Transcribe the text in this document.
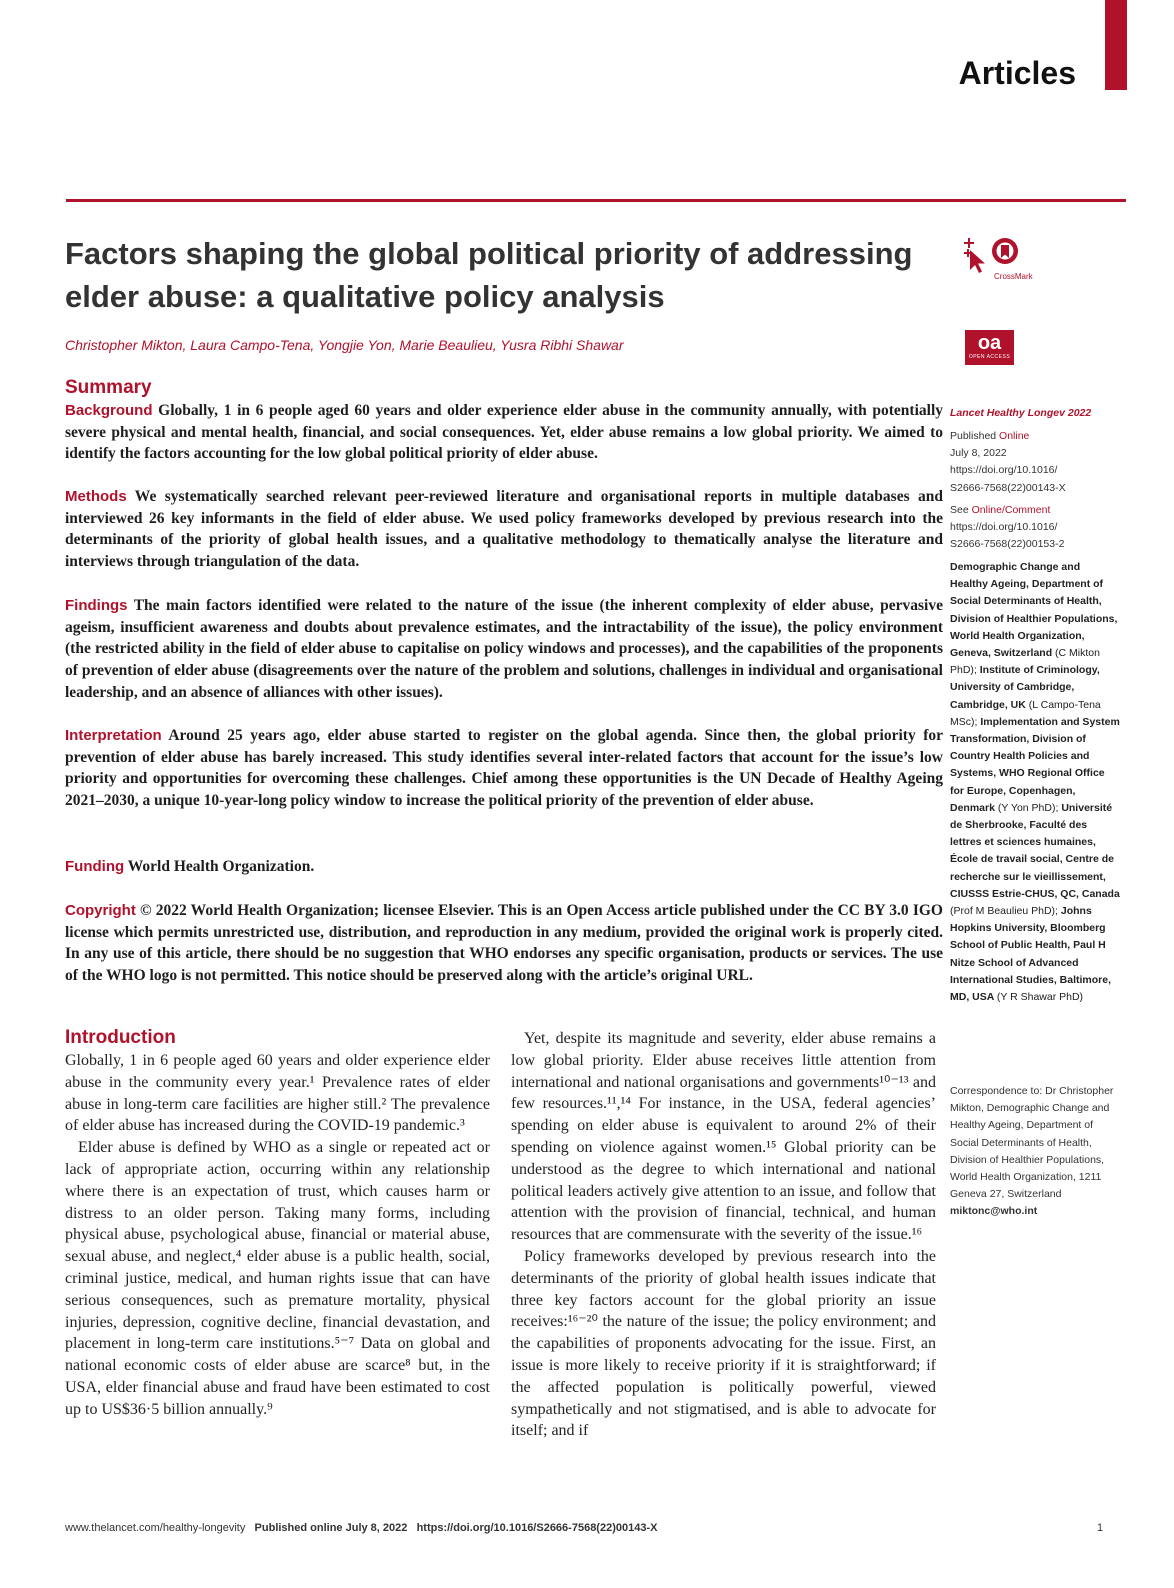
Articles
Factors shaping the global political priority of addressing elder abuse: a qualitative policy analysis
Christopher Mikton, Laura Campo-Tena, Yongjie Yon, Marie Beaulieu, Yusra Ribhi Shawar
CrossMark
oa
OPEN ACCESS
Summary

Background Globally, 1 in 6 people aged 60 years and older experience elder abuse in the community annually, with potentially severe physical and mental health, financial, and social consequences. Yet, elder abuse remains a low global priority. We aimed to identify the factors accounting for the low global political priority of elder abuse.

Methods We systematically searched relevant peer-reviewed literature and organisational reports in multiple databases and interviewed 26 key informants in the field of elder abuse. We used policy frameworks developed by previous research into the determinants of the priority of global health issues, and a qualitative methodology to thematically analyse the literature and interviews through triangulation of the data.

Findings The main factors identified were related to the nature of the issue (the inherent complexity of elder abuse, pervasive ageism, insufficient awareness and doubts about prevalence estimates, and the intractability of the issue), the policy environment (the restricted ability in the field of elder abuse to capitalise on policy windows and processes), and the capabilities of the proponents of prevention of elder abuse (disagreements over the nature of the problem and solutions, challenges in individual and organisational leadership, and an absence of alliances with other issues).

Interpretation Around 25 years ago, elder abuse started to register on the global agenda. Since then, the global priority for prevention of elder abuse has barely increased. This study identifies several inter-related factors that account for the issue’s low priority and opportunities for overcoming these challenges. Chief among these opportunities is the UN Decade of Healthy Ageing 2021–2030, a unique 10-year-long policy window to increase the political priority of the prevention of elder abuse.

Funding World Health Organization.

Copyright © 2022 World Health Organization; licensee Elsevier. This is an Open Access article published under the CC BY 3.0 IGO license which permits unrestricted use, distribution, and reproduction in any medium, provided the original work is properly cited. In any use of this article, there should be no suggestion that WHO endorses any specific organisation, products or services. The use of the WHO logo is not permitted. This notice should be preserved along with the article’s original URL.

Introduction

Globally, 1 in 6 people aged 60 years and older experience elder abuse in the community every year.¹ Prevalence rates of elder abuse in long-term care facilities are higher still.² The prevalence of elder abuse has increased during the COVID-19 pandemic.³

Elder abuse is defined by WHO as a single or repeated act or lack of appropriate action, occurring within any relationship where there is an expectation of trust, which causes harm or distress to an older person. Taking many forms, including physical abuse, psychological abuse, financial or material abuse, sexual abuse, and neglect,⁴ elder abuse is a public health, social, criminal justice, medical, and human rights issue that can have serious consequences, such as premature mortality, physical injuries, depression, cognitive decline, financial devastation, and placement in long-term care institutions.⁵⁻⁷ Data on global and national economic costs of elder abuse are scarce⁸ but, in the USA, elder financial abuse and fraud have been estimated to cost up to US$36·5 billion annually.⁹

Yet, despite its magnitude and severity, elder abuse remains a low global priority. Elder abuse receives little attention from international and national organisations and governments¹⁰⁻¹³ and few resources.¹¹,¹⁴ For instance, in the USA, federal agencies’ spending on elder abuse is equivalent to around 2% of their spending on violence against women.¹⁵ Global priority can be understood as the degree to which international and national political leaders actively give attention to an issue, and follow that attention with the provision of financial, technical, and human resources that are commensurate with the severity of the issue.¹⁶

Policy frameworks developed by previous research into the determinants of the priority of global health issues indicate that three key factors account for the global priority an issue receives:¹⁶⁻²⁰ the nature of the issue; the policy environment; and the capabilities of proponents advocating for the issue. First, an issue is more likely to receive priority if it is straightforward; if the affected population is politically powerful, viewed sympathetically and not stigmatised, and is able to advocate for itself; and if

Lancet Healthy Longev 2022
Published Online
July 8, 2022
https://doi.org/10.1016/
S2666-7568(22)00143-X
See Online/Comment
https://doi.org/10.1016/
S2666-7568(22)00153-2
Demographic Change and Healthy Ageing, Department of Social Determinants of Health, Division of Healthier Populations, World Health Organization, Geneva, Switzerland (C Mikton PhD); Institute of Criminology, University of Cambridge, Cambridge, UK (L Campo-Tena MSc); Implementation and System Transformation, Division of Country Health Policies and Systems, WHO Regional Office for Europe, Copenhagen, Denmark (Y Yon PhD); Université de Sherbrooke, Faculté des lettres et sciences humaines, École de travail social, Centre de recherche sur le vieillissement, CIUSSS Estrie-CHUS, QC, Canada (Prof M Beaulieu PhD); Johns Hopkins University, Bloomberg School of Public Health, Paul H Nitze School of Advanced International Studies, Baltimore, MD, USA (Y R Shawar PhD)
Correspondence to: Dr Christopher Mikton, Demographic Change and Healthy Ageing, Department of Social Determinants of Health, Division of Healthier Populations, World Health Organization, 1211 Geneva 27, Switzerland
miktonc@who.int
www.thelancet.com/healthy-longevity Published online July 8, 2022 https://doi.org/10.1016/S2666-7568(22)00143-X	1
